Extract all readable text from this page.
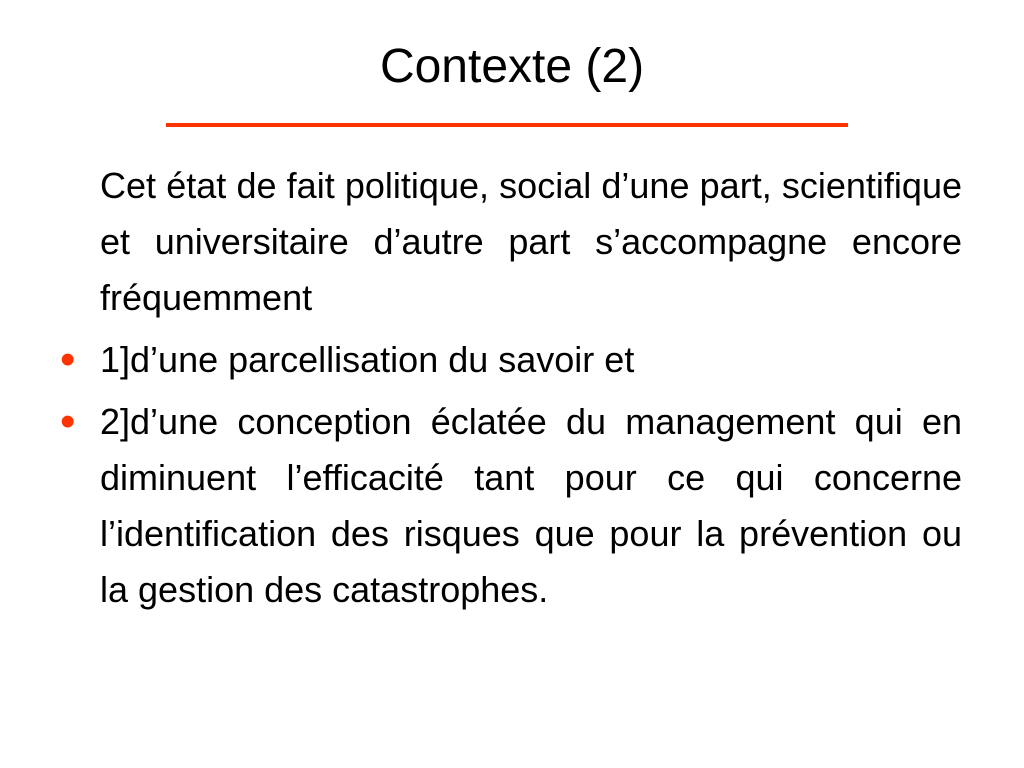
Contexte (2)

Cet état de fait politique, social d’une part, scientifique et universitaire d’autre part s’accompagne encore fréquemment

• 1]d’une parcellisation du savoir et
• 2]d’une conception éclatée du management qui en diminuent l’efficacité tant pour ce qui concerne l’identification des risques que pour la prévention ou la gestion des catastrophes.
